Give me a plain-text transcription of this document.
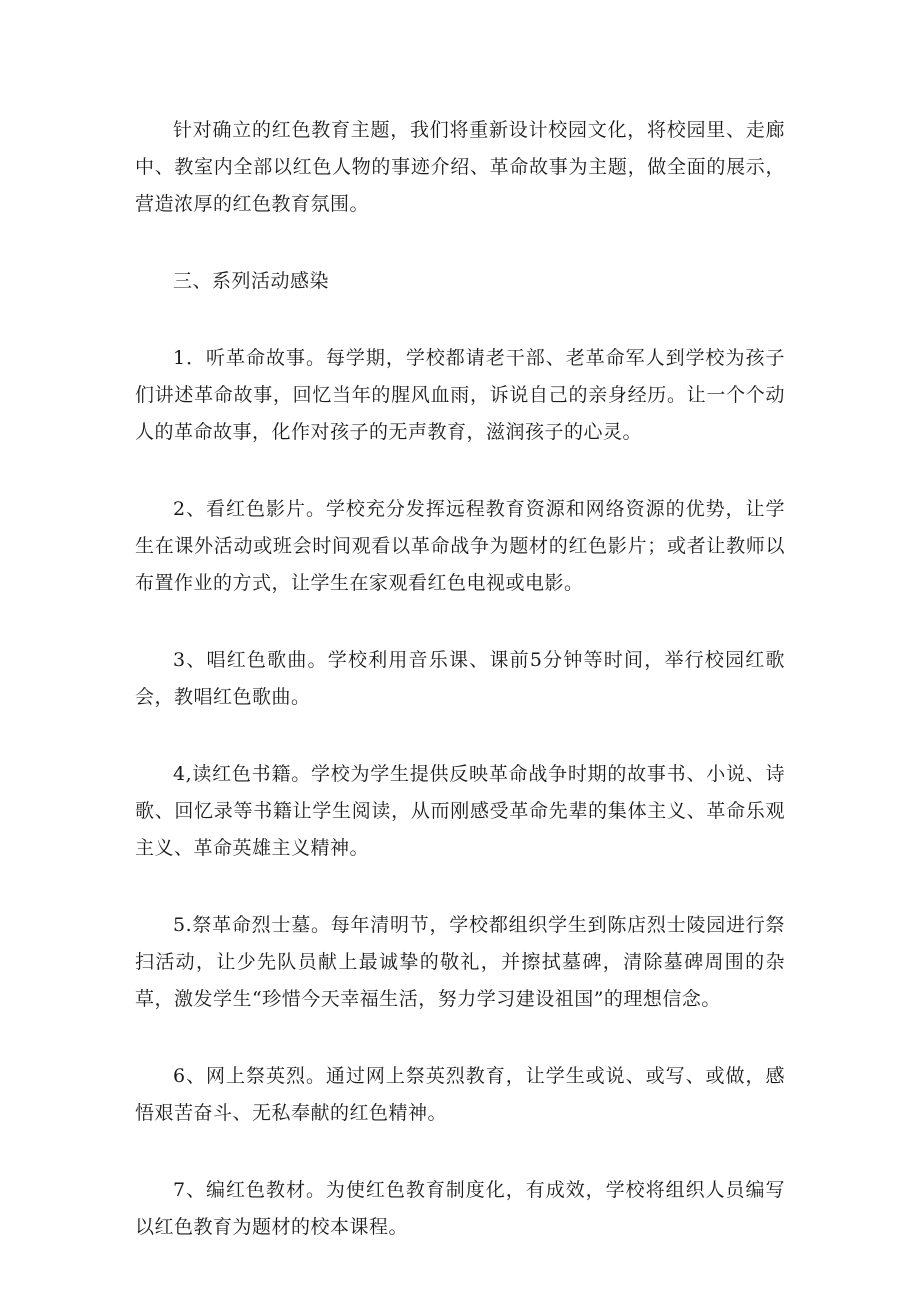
针对确立的红色教育主题，我们将重新设计校园文化，将校园里、走廊中、教室内全部以红色人物的事迹介绍、革命故事为主题，做全面的展示，营造浓厚的红色教育氛围。

三、系列活动感染

1．听革命故事。每学期，学校都请老干部、老革命军人到学校为孩子们讲述革命故事，回忆当年的腥风血雨，诉说自己的亲身经历。让一个个动人的革命故事，化作对孩子的无声教育，滋润孩子的心灵。

2、看红色影片。学校充分发挥远程教育资源和网络资源的优势，让学生在课外活动或班会时间观看以革命战争为题材的红色影片；或者让教师以布置作业的方式，让学生在家观看红色电视或电影。

3、唱红色歌曲。学校利用音乐课、课前5分钟等时间，举行校园红歌会，教唱红色歌曲。

4,读红色书籍。学校为学生提供反映革命战争时期的故事书、小说、诗歌、回忆录等书籍让学生阅读，从而刚感受革命先辈的集体主义、革命乐观主义、革命英雄主义精神。

5.祭革命烈士墓。每年清明节，学校都组织学生到陈店烈士陵园进行祭扫活动，让少先队员献上最诚挚的敬礼，并擦拭墓碑，清除墓碑周围的杂草，激发学生“珍惜今天幸福生活，努力学习建设祖国”的理想信念。

6、网上祭英烈。通过网上祭英烈教育，让学生或说、或写、或做，感悟艰苦奋斗、无私奉献的红色精神。

7、编红色教材。为使红色教育制度化，有成效，学校将组织人员编写以红色教育为题材的校本课程。
